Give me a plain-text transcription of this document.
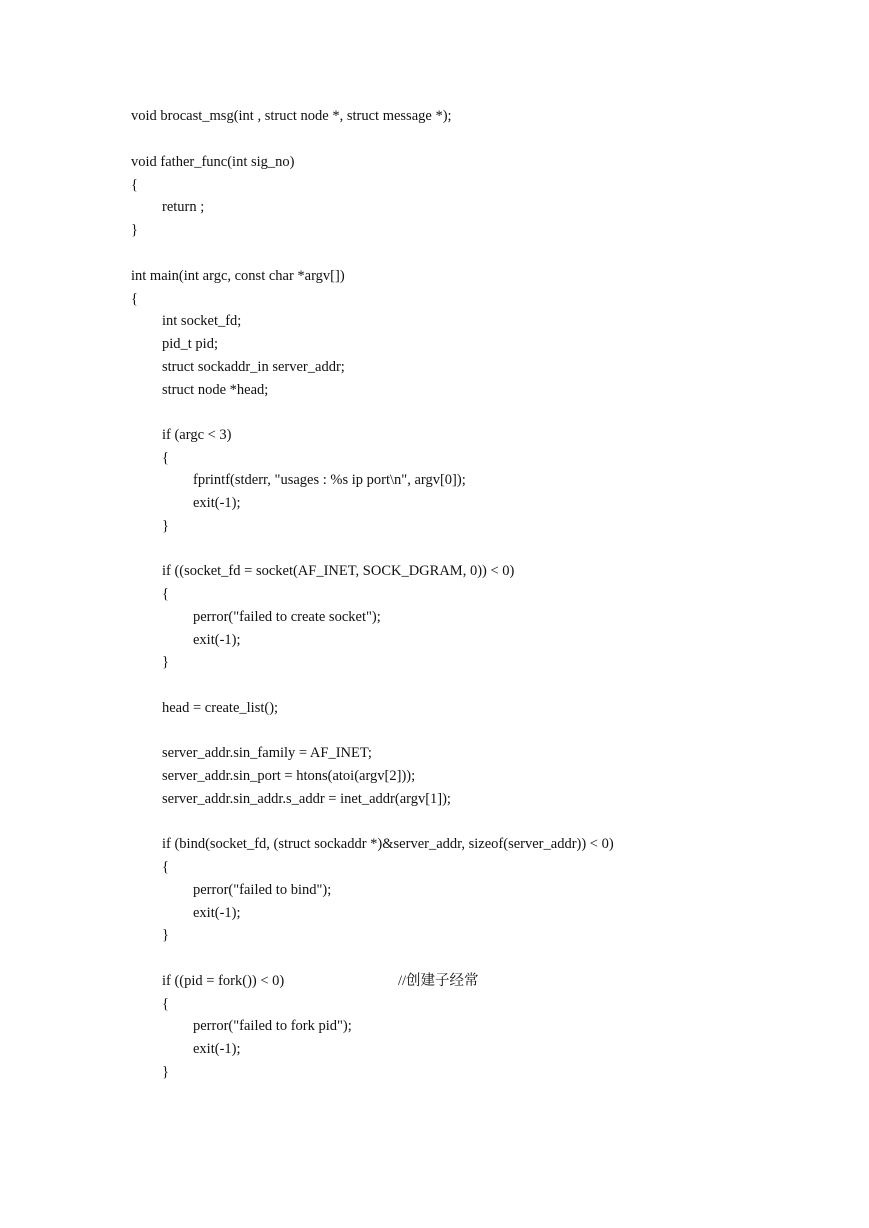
void brocast_msg(int , struct node *, struct message *);
void father_func(int sig_no)
{
return ;
}
int main(int argc, const char *argv[])
{
int socket_fd;
pid_t pid;
struct sockaddr_in server_addr;
struct node *head;
if (argc < 3)
{
fprintf(stderr, "usages : %s ip port\n", argv[0]);
exit(-1);
}
if ((socket_fd = socket(AF_INET, SOCK_DGRAM, 0)) < 0)
{
perror("failed to create socket");
exit(-1);
}
head = create_list();
server_addr.sin_family = AF_INET;
server_addr.sin_port = htons(atoi(argv[2]));
server_addr.sin_addr.s_addr = inet_addr(argv[1]);
if (bind(socket_fd, (struct sockaddr *)&server_addr, sizeof(server_addr)) < 0)
{
perror("failed to bind");
exit(-1);
}
if ((pid = fork()) < 0)	//创建子经常
{
perror("failed to fork pid");
exit(-1);
}
